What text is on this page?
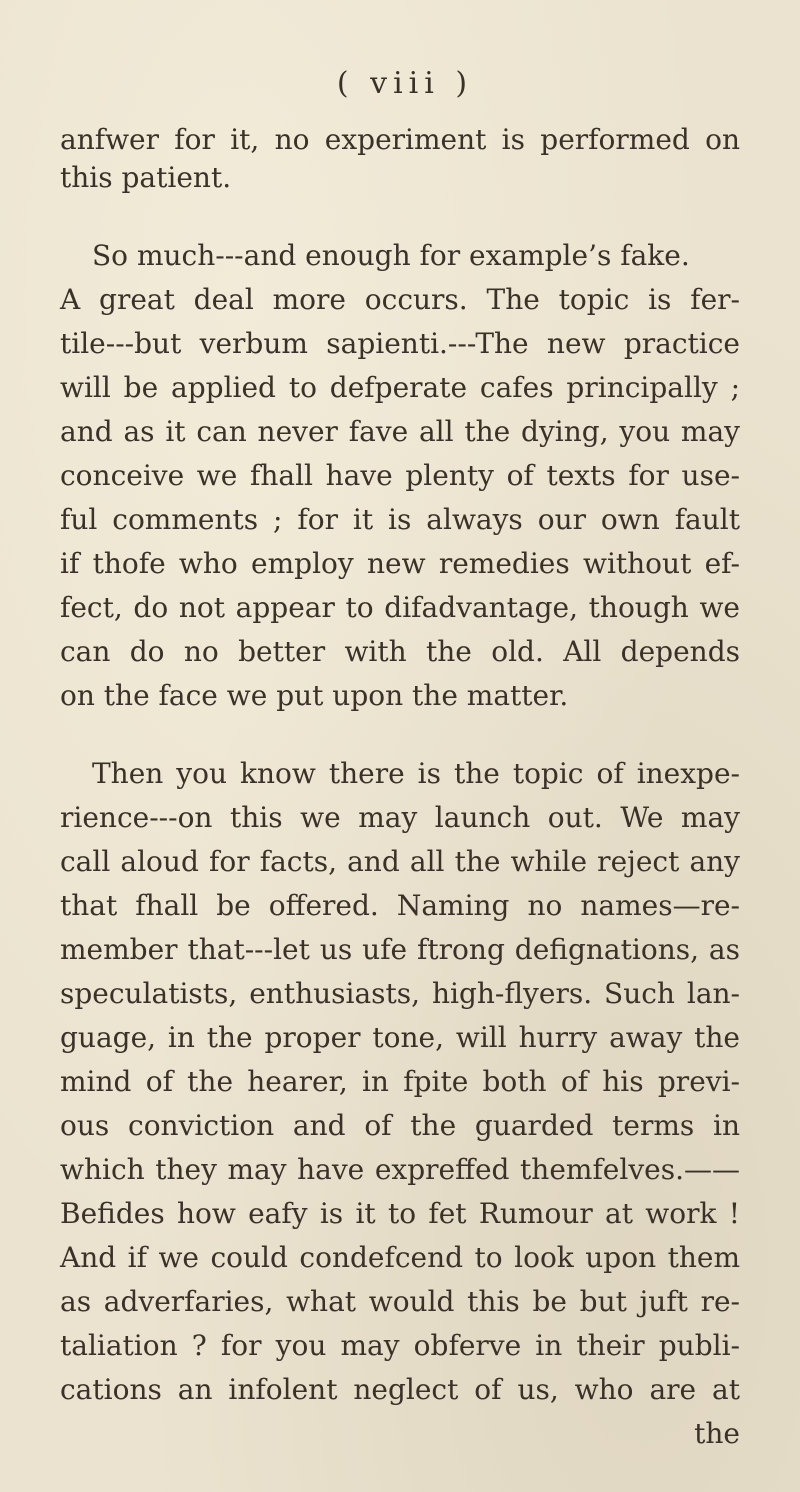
( viii )
anfwer for it, no experiment is performed on
this patient.
So much---and enough for example’s fake.
A great deal more occurs. The topic is fer-
tile---but verbum sapienti.---The new practice
will be applied to defperate cafes principally ;
and as it can never fave all the dying, you may
conceive we fhall have plenty of texts for use-
ful comments ; for it is always our own fault
if thofe who employ new remedies without ef-
fect, do not appear to difadvantage, though we
can do no better with the old. All depends
on the face we put upon the matter.
Then you know there is the topic of inexpe-
rience---on this we may launch out. We may
call aloud for facts, and all the while reject any
that fhall be offered. Naming no names—re-
member that---let us ufe ftrong defignations, as
speculatists, enthusiasts, high-flyers. Such lan-
guage, in the proper tone, will hurry away the
mind of the hearer, in fpite both of his previ-
ous conviction and of the guarded terms in
which they may have expreffed themfelves.——
Befides how eafy is it to fet Rumour at work !
And if we could condefcend to look upon them
as adverfaries, what would this be but juft re-
taliation ? for you may obferve in their publi-
cations an infolent neglect of us, who are at
the
